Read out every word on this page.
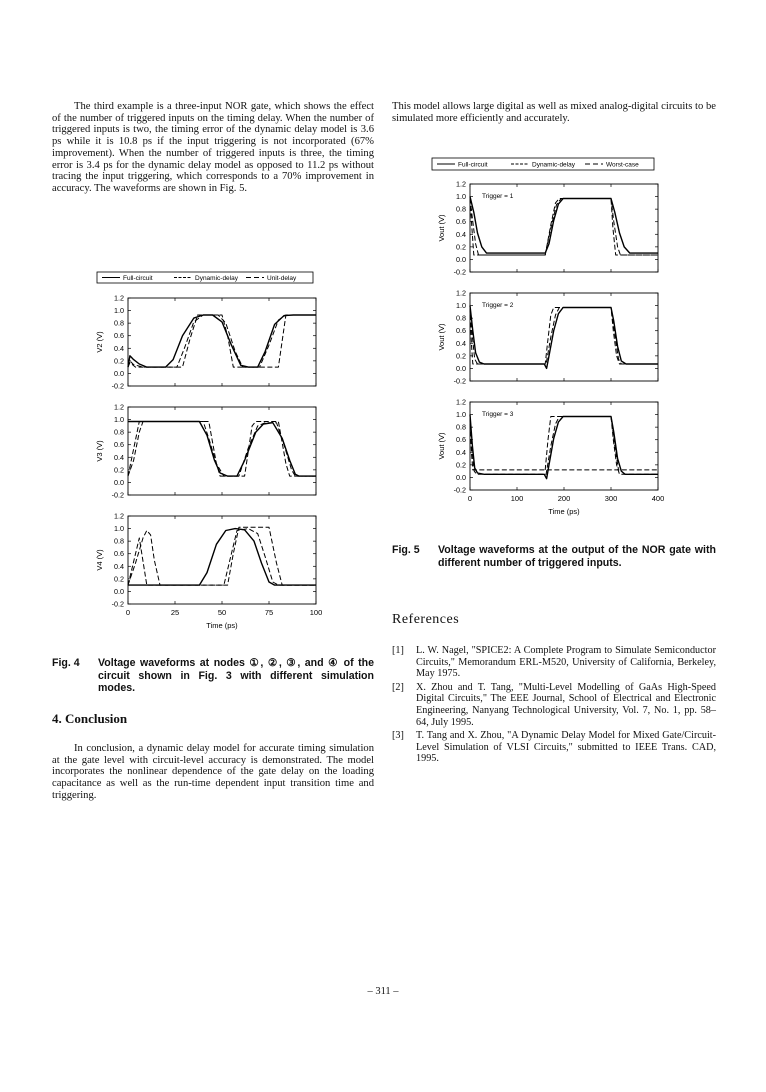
The third example is a three-input NOR gate, which shows the effect of the number of triggered inputs on the timing delay. When the number of triggered inputs is two, the timing error of the dynamic delay model is 3.6 ps while it is 10.8 ps if the input triggering is not incorporated (67% improvement). When the number of triggered inputs is three, the timing error is 3.4 ps for the dynamic delay model as opposed to 11.2 ps without tracing the input triggering, which corresponds to a 70% improvement in accuracy. The waveforms are shown in Fig. 5.

This model allows large digital as well as mixed analog-digital circuits to be simulated more efficiently and accurately.

Full-circuit	Dynamic-delay	Unit-delay
-0.2
0.0
0.2
0.4
0.6
0.8
1.0
1.2
V2 (V)
-0.2
0.0
0.2
0.4
0.6
0.8
1.0
1.2
V3 (V)
-0.2
0.0
0.2
0.4
0.6
0.8
1.0
1.2
V4 (V)
0	25	50	75	100
Time (ps)
Fig. 4 Voltage waveforms at nodes ①, ②, ③, and ④ of the circuit shown in Fig. 3 with different simulation modes.
4. Conclusion

In conclusion, a dynamic delay model for accurate timing simulation at the gate level with circuit-level accuracy is demonstrated. The model incorporates the nonlinear dependence of the gate delay on the loading capacitance as well as the run-time dependent input transition time and triggering.

Full-circuit	Dynamic-delay	Worst-case
-0.2
0.0
0.2
0.4
0.6
0.8
1.0
1.2
Vout (V)
Trigger = 1
-0.2
0.0
0.2
0.4
0.6
0.8
1.0
1.2
Vout (V)
Trigger = 2
-0.2
0.0
0.2
0.4
0.6
0.8
1.0
1.2
Vout (V)
Trigger = 3
0	100	200	300	400
Time (ps)
Fig. 5 Voltage waveforms at the output of the NOR gate with different number of triggered inputs.
References
[1] L. W. Nagel, "SPICE2: A Complete Program to Simulate Semiconductor Circuits," Memorandum ERL-M520, University of California, Berkeley, May 1975.
[2] X. Zhou and T. Tang, "Multi-Level Modelling of GaAs High-Speed Digital Circuits," The EEE Journal, School of Electrical and Electronic Engineering, Nanyang Technological University, Vol. 7, No. 1, pp. 58–64, July 1995.
[3] T. Tang and X. Zhou, "A Dynamic Delay Model for Mixed Gate/Circuit-Level Simulation of VLSI Circuits," submitted to IEEE Trans. CAD, 1995.
– 311 –
